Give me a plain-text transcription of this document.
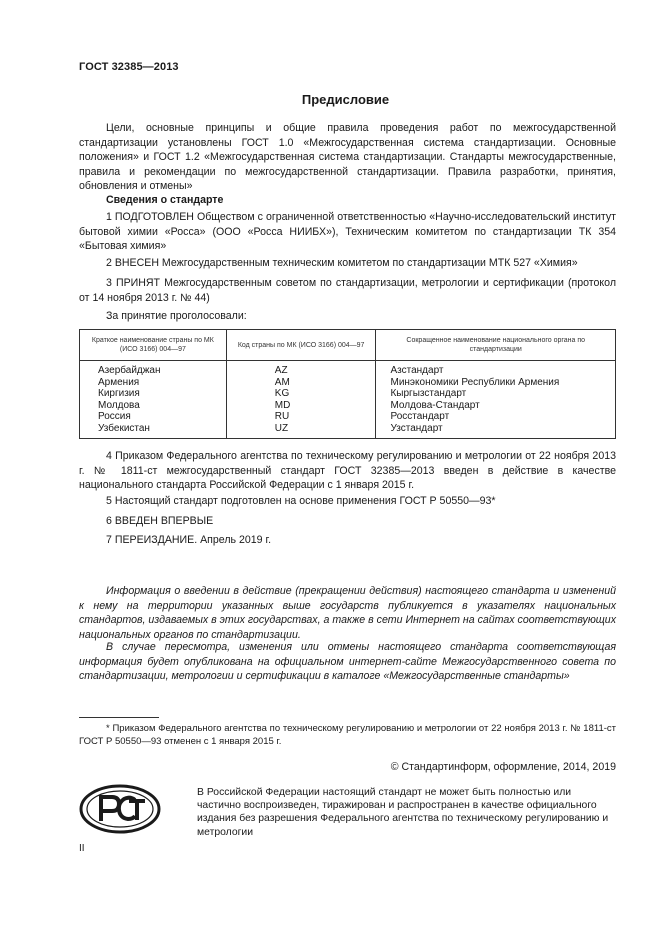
ГОСТ 32385—2013
Предисловие
Цели, основные принципы и общие правила проведения работ по межгосударственной стандартизации установлены ГОСТ 1.0 «Межгосударственная система стандартизации. Основные положения» и ГОСТ 1.2 «Межгосударственная система стандартизации. Стандарты межгосударственные, правила и рекомендации по межгосударственной стандартизации. Правила разработки, принятия, обновления и отмены»
Сведения о стандарте
1 ПОДГОТОВЛЕН Обществом с ограниченной ответственностью «Научно-исследовательский институт бытовой химии «Росса» (ООО «Росса НИИБХ»), Техническим комитетом по стандартизации ТК 354 «Бытовая химия»
2 ВНЕСЕН Межгосударственным техническим комитетом по стандартизации МТК 527 «Химия»
3 ПРИНЯТ Межгосударственным советом по стандартизации, метрологии и сертификации (протокол от 14 ноября 2013 г. № 44)
За принятие проголосовали:
Краткое наименование страны по МК (ИСО 3166) 004—97	Код страны по МК (ИСО 3166) 004—97	Сокращенное наименование национального органа по стандартизации
Азербайджан	AZ	Азстандарт
Армения	AM	Минэкономики Республики Армения
Киргизия	KG	Кыргызстандарт
Молдова	MD	Молдова-Стандарт
Россия	RU	Росстандарт
Узбекистан	UZ	Узстандарт
4 Приказом Федерального агентства по техническому регулированию и метрологии от 22 ноября 2013 г. № 1811-ст межгосударственный стандарт ГОСТ 32385—2013 введен в действие в качестве национального стандарта Российской Федерации с 1 января 2015 г.
5 Настоящий стандарт подготовлен на основе применения ГОСТ Р 50550—93*
6 ВВЕДЕН ВПЕРВЫЕ
7 ПЕРЕИЗДАНИЕ. Апрель 2019 г.
Информация о введении в действие (прекращении действия) настоящего стандарта и изменений к нему на территории указанных выше государств публикуется в указателях национальных стандартов, издаваемых в этих государствах, а также в сети Интернет на сайтах соответствующих национальных органов по стандартизации.
В случае пересмотра, изменения или отмены настоящего стандарта соответствующая информация будет опубликована на официальном интернет-сайте Межгосударственного совета по стандартизации, метрологии и сертификации в каталоге «Межгосударственные стандарты»
* Приказом Федерального агентства по техническому регулированию и метрологии от 22 ноября 2013 г. № 1811-ст ГОСТ Р 50550—93 отменен с 1 января 2015 г.
© Стандартинформ, оформление, 2014, 2019
В Российской Федерации настоящий стандарт не может быть полностью или частично воспроизведен, тиражирован и распространен в качестве официального издания без разрешения Федерального агентства по техническому регулированию и метрологии
II
